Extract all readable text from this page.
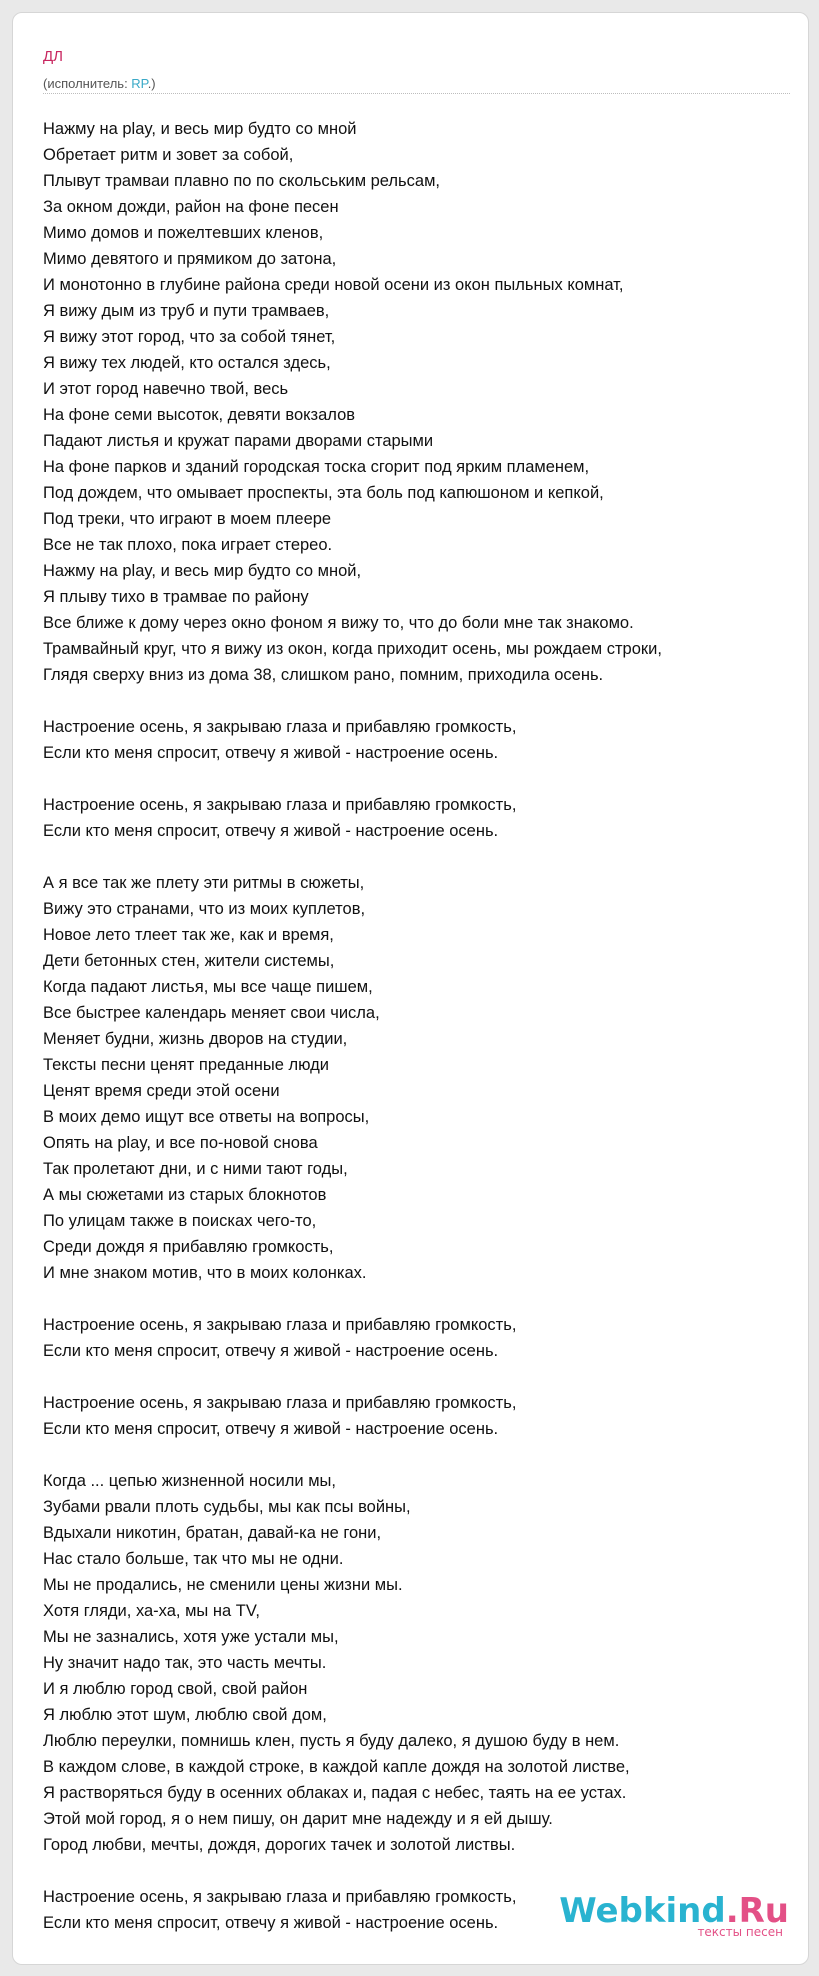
ДЛ
(исполнитель: RP.)
Нажму на play, и весь мир будто со мной
Обретает ритм и зовет за собой,
Плывут трамваи плавно по по скольським рельсам,
За окном дожди, район на фоне песен
Мимо домов и пожелтевших кленов,
Мимо девятого и прямиком до затона,
И монотонно в глубине района среди новой осени из окон пыльных комнат,
Я вижу дым из труб и пути трамваев,
Я вижу этот город, что за собой тянет,
Я вижу тех людей, кто остался здесь,
И этот город навечно твой, весь
На фоне семи высоток, девяти вокзалов
Падают листья и кружат парами дворами старыми
На фоне парков и зданий городская тоска сгорит под ярким пламенем,
Под дождем, что омывает проспекты, эта боль под капюшоном и кепкой,
Под треки, что играют в моем плеере
Все не так плохо, пока играет стерео.
Нажму на play, и весь мир будто со мной,
Я плыву тихо в трамвае по району
Все ближе к дому через окно фоном я вижу то, что до боли мне так знакомо.
Трамвайный круг, что я вижу из окон, когда приходит осень, мы рождаем строки,
Глядя сверху вниз из дома 38, слишком рано, помним, приходила осень.
Настроение осень, я закрываю глаза и прибавляю громкость,
Если кто меня спросит, отвечу я живой - настроение осень.
Настроение осень, я закрываю глаза и прибавляю громкость,
Если кто меня спросит, отвечу я живой - настроение осень.
А я все так же плету эти ритмы в сюжеты,
Вижу это странами, что из моих куплетов,
Новое лето тлеет так же, как и время,
Дети бетонных стен, жители системы,
Когда падают листья, мы все чаще пишем,
Все быстрее календарь меняет свои числа,
Меняет будни, жизнь дворов на студии,
Тексты песни ценят преданные люди
Ценят время среди этой осени
В моих демо ищут все ответы на вопросы,
Опять на play, и все по-новой снова
Так пролетают дни, и с ними тают годы,
А мы сюжетами из старых блокнотов
По улицам также в поисках чего-то,
Среди дождя я прибавляю громкость,
И мне знаком мотив, что в моих колонках.
Настроение осень, я закрываю глаза и прибавляю громкость,
Если кто меня спросит, отвечу я живой - настроение осень.
Настроение осень, я закрываю глаза и прибавляю громкость,
Если кто меня спросит, отвечу я живой - настроение осень.
Когда ... цепью жизненной носили мы,
Зубами рвали плоть судьбы, мы как псы войны,
Вдыхали никотин, братан, давай-ка не гони,
Нас стало больше, так что мы не одни.
Мы не продались, не сменили цены жизни мы.
Хотя гляди, ха-ха, мы на TV,
Мы не зазнались, хотя уже устали мы,
Ну значит надо так, это часть мечты.
И я люблю город свой, свой район
Я люблю этот шум, люблю свой дом,
Люблю переулки, помнишь клен, пусть я буду далеко, я душою буду в нем.
В каждом слове, в каждой строке, в каждой капле дождя на золотой листве,
Я растворяться буду в осенних облаках и, падая с небес, таять на ее устах.
Этой мой город, я о нем пишу, он дарит мне надежду и я ей дышу.
Город любви, мечты, дождя, дорогих тачек и золотой листвы.
Настроение осень, я закрываю глаза и прибавляю громкость,
Если кто меня спросит, отвечу я живой - настроение осень.	Webkind.Ru
тексты песен
